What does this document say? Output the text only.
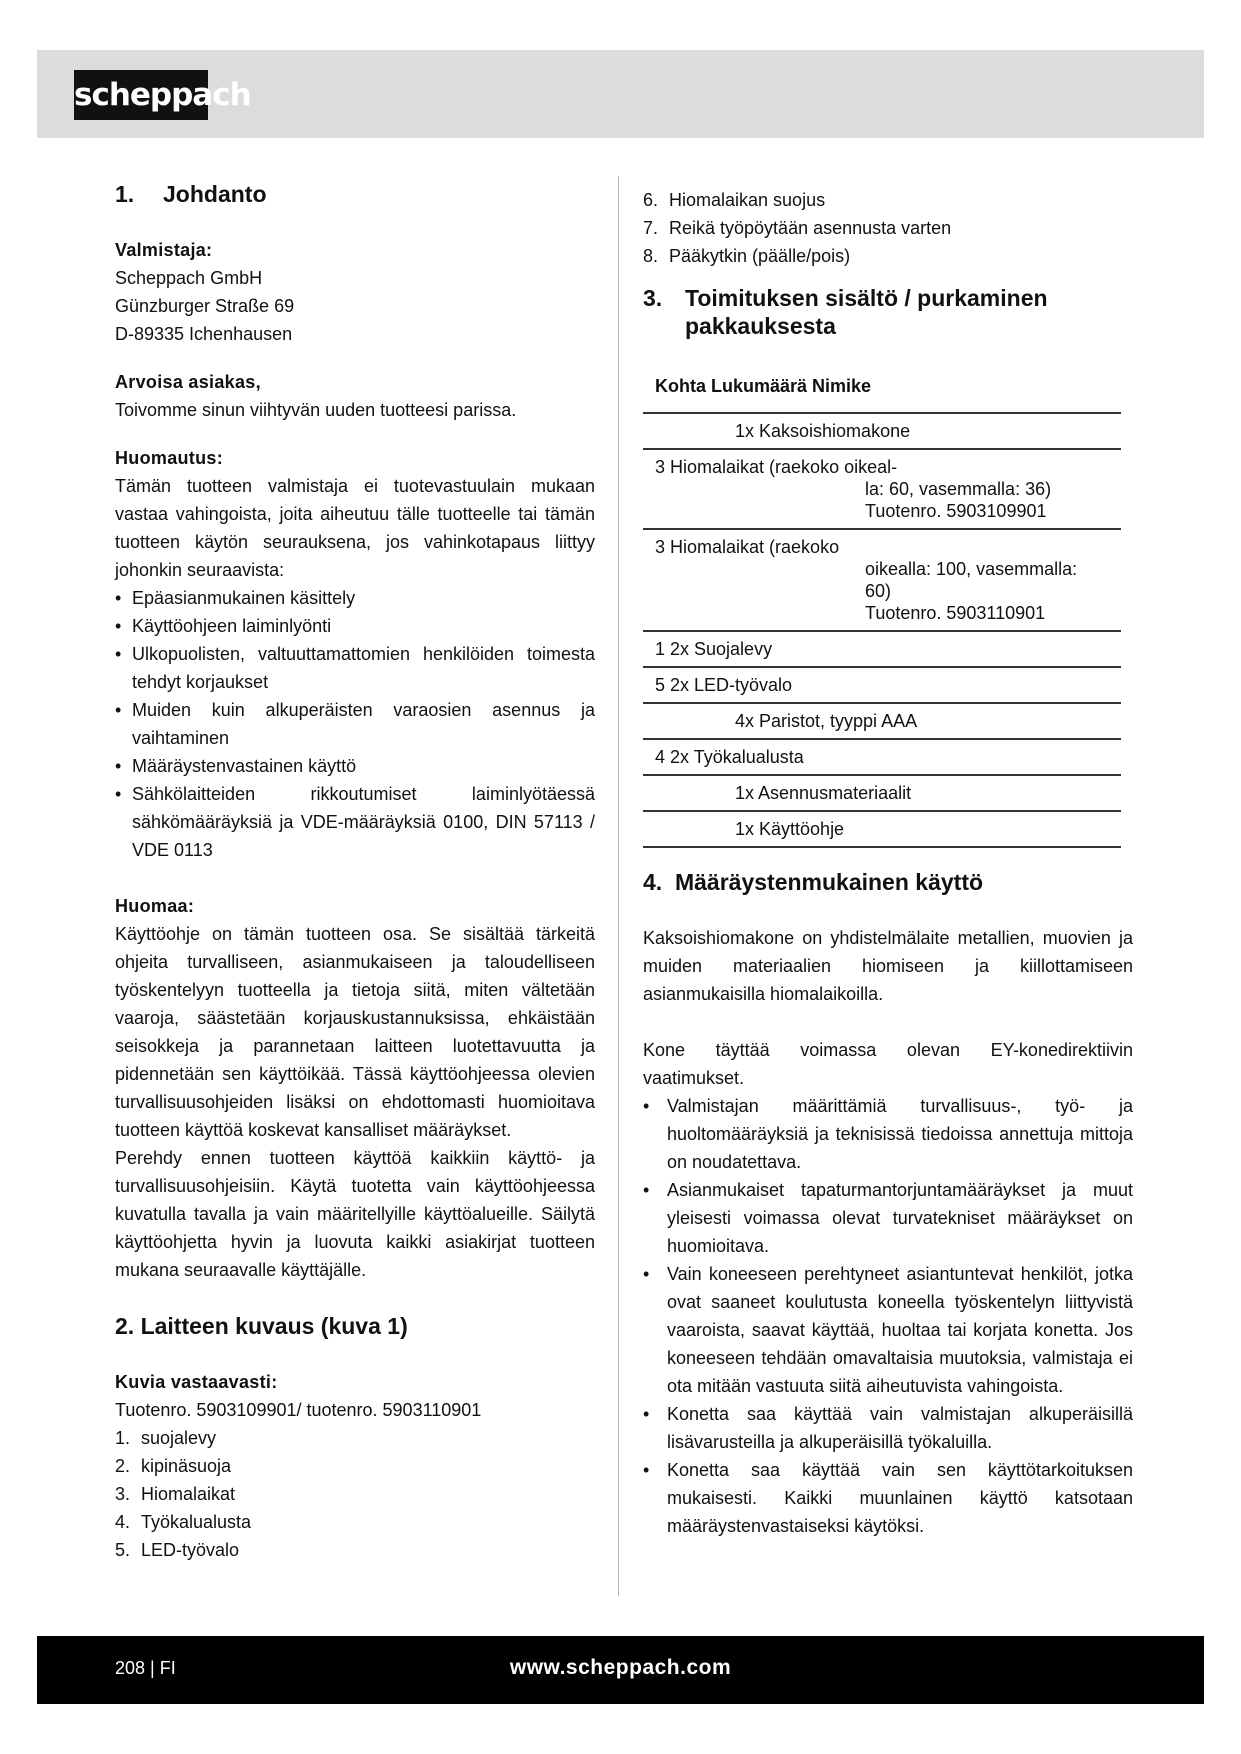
scheppach
1. Johdanto

Valmistaja:

Scheppach GmbH

Günzburger Straße 69

D-89335 Ichenhausen

Arvoisa asiakas,

Toivomme sinun viihtyvän uuden tuotteesi parissa.

Huomautus:

Tämän tuotteen valmistaja ei tuotevastuulain mukaan vastaa vahingoista, joita aiheutuu tälle tuotteelle tai tämän tuotteen käytön seurauksena, jos vahinkotapaus liittyy johonkin seuraavista:

• Epäasianmukainen käsittely
• Käyttöohjeen laiminlyönti
• Ulkopuolisten, valtuuttamattomien henkilöiden toimesta tehdyt korjaukset
• Muiden kuin alkuperäisten varaosien asennus ja vaihtaminen
• Määräystenvastainen käyttö
• Sähkölaitteiden rikkoutumiset laiminlyötäessä sähkömääräyksiä ja VDE-määräyksiä 0100, DIN 57113 / VDE 0113

Huomaa:

Käyttöohje on tämän tuotteen osa. Se sisältää tärkeitä ohjeita turvalliseen, asianmukaiseen ja taloudelliseen työskentelyyn tuotteella ja tietoja siitä, miten vältetään vaaroja, säästetään korjauskustannuksissa, ehkäistään seisokkeja ja parannetaan laitteen luotettavuutta ja pidennetään sen käyttöikää. Tässä käyttöohjeessa olevien turvallisuusohjeiden lisäksi on ehdottomasti huomioitava tuotteen käyttöä koskevat kansalliset määräykset.

Perehdy ennen tuotteen käyttöä kaikkiin käyttö- ja turvallisuusohjeisiin. Käytä tuotetta vain käyttöohjeessa kuvatulla tavalla ja vain määritellyille käyttöalueille. Säilytä käyttöohjetta hyvin ja luovuta kaikki asiakirjat tuotteen mukana seuraavalle käyttäjälle.

2. Laitteen kuvaus (kuva 1)

Kuvia vastaavasti:

Tuotenro. 5903109901/ tuotenro. 5903110901

1. suojalevy
2. kipinäsuoja
3. Hiomalaikat
4. Työkalualusta
5. LED-työvalo
6. Hiomalaikan suojus
7. Reikä työpöytään asennusta varten
8. Pääkytkin (päälle/pois)
3. Toimituksen sisältö / purkaminen
pakkauksesta
Kohta Lukumäärä Nimike
1x Kaksoishiomakone
3 Hiomalaikat (raekoko oikeal-
la: 60, vasemmalla: 36)
Tuotenro. 5903109901
3 Hiomalaikat (raekoko
oikealla: 100, vasemmalla:
60)
Tuotenro. 5903110901
1 2x Suojalevy
5 2x LED-työvalo
4x Paristot, tyyppi AAA
4 2x Työkalualusta
1x Asennusmateriaalit
1x Käyttöohje
4. Määräystenmukainen käyttö

Kaksoishiomakone on yhdistelmälaite metallien, muovien ja muiden materiaalien hiomiseen ja kiillottamiseen asianmukaisilla hiomalaikoilla.

Kone täyttää voimassa olevan EY-konedirektiivin vaatimukset.

• Valmistajan määrittämiä turvallisuus-, työ- ja huoltomääräyksiä ja teknisissä tiedoissa annettuja mittoja on noudatettava.
• Asianmukaiset tapaturmantorjuntamääräykset ja muut yleisesti voimassa olevat turvatekniset määräykset on huomioitava.
• Vain koneeseen perehtyneet asiantuntevat henkilöt, jotka ovat saaneet koulutusta koneella työskentelyn liittyvistä vaaroista, saavat käyttää, huoltaa tai korjata konetta. Jos koneeseen tehdään omavaltaisia muutoksia, valmistaja ei ota mitään vastuuta siitä aiheutuvista vahingoista.
• Konetta saa käyttää vain valmistajan alkuperäisillä lisävarusteilla ja alkuperäisillä työkaluilla.
• Konetta saa käyttää vain sen käyttötarkoituksen mukaisesti. Kaikki muunlainen käyttö katsotaan määräystenvastaiseksi käytöksi.
208 | FI	www.scheppach.com
